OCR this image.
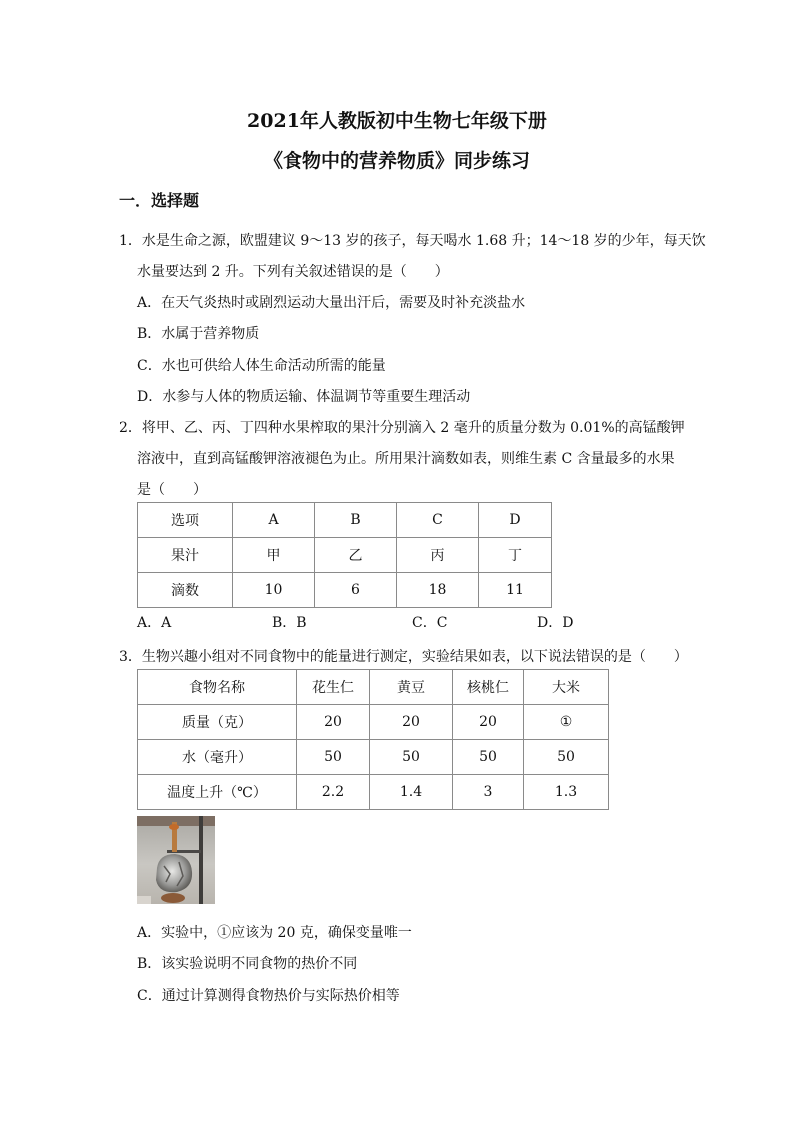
2021年人教版初中生物七年级下册
《食物中的营养物质》同步练习
一．选择题
1．水是生命之源，欧盟建议 9～13 岁的孩子，每天喝水 1.68 升；14～18 岁的少年，每天饮
水量要达到 2 升。下列有关叙述错误的是（　　）
A．在天气炎热时或剧烈运动大量出汗后，需要及时补充淡盐水
B．水属于营养物质
C．水也可供给人体生命活动所需的能量
D．水参与人体的物质运输、体温调节等重要生理活动
2．将甲、乙、丙、丁四种水果榨取的果汁分别滴入 2 毫升的质量分数为 0.01%的高锰酸钾
溶液中，直到高锰酸钾溶液褪色为止。所用果汁滴数如表，则维生素 C 含量最多的水果
是（　　）
选项	A	B	C	D
果汁	甲	乙	丙	丁
滴数	10	6	18	11
A．A	B．B	C．C	D．D
3．生物兴趣小组对不同食物中的能量进行测定，实验结果如表，以下说法错误的是（　　）
食物名称	花生仁	黄豆	核桃仁	大米
质量（克）	20	20	20	①
水（毫升）	50	50	50	50
温度上升（℃）	2.2	1.4	3	1.3
A．实验中，①应该为 20 克，确保变量唯一
B．该实验说明不同食物的热价不同
C．通过计算测得食物热价与实际热价相等
